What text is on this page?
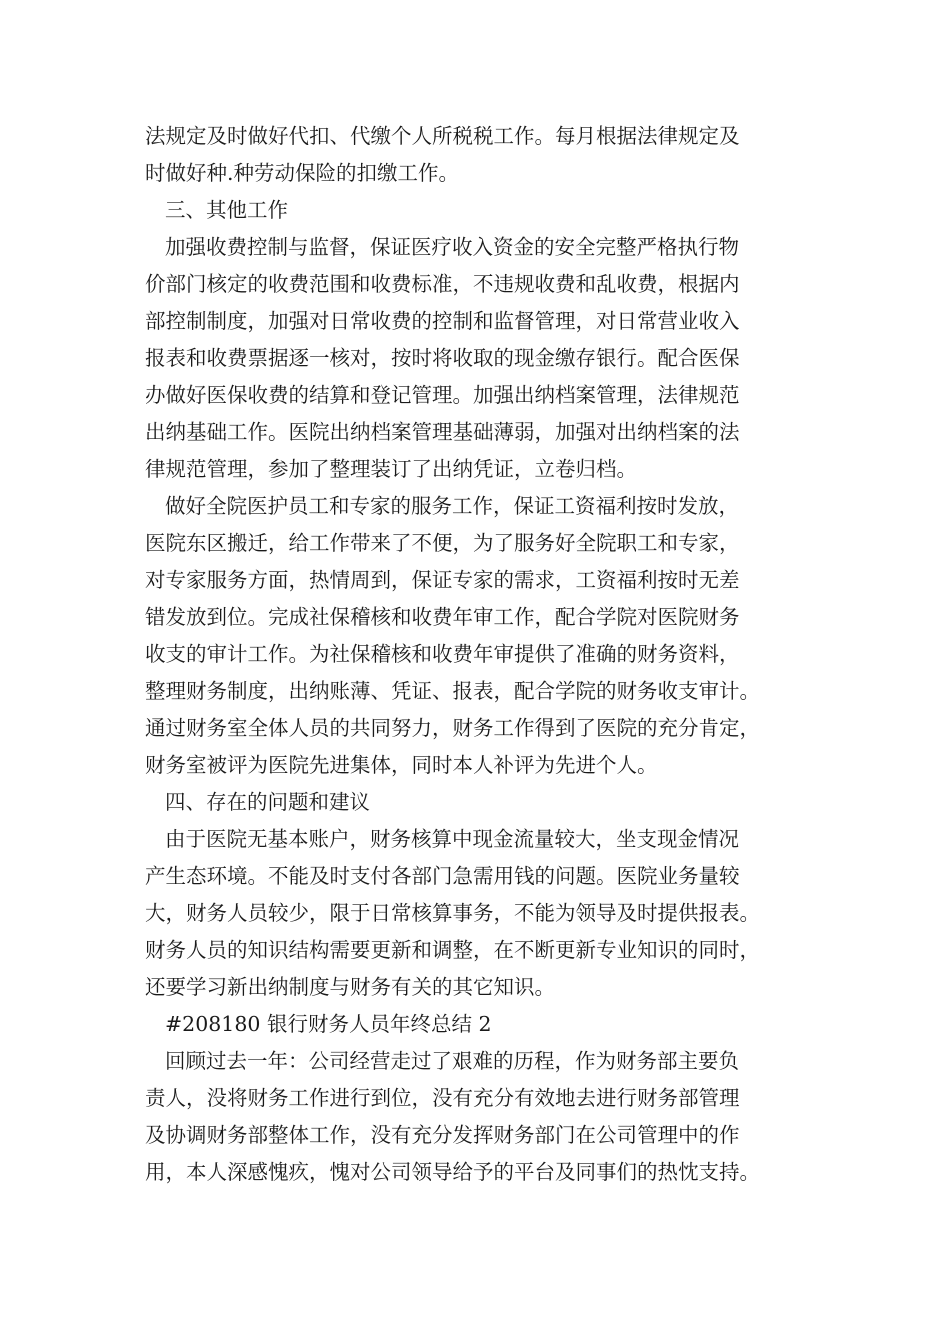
法规定及时做好代扣、代缴个人所税税工作。每月根据法律规定及
时做好种.种劳动保险的扣缴工作。
三、其他工作
加强收费控制与监督，保证医疗收入资金的安全完整严格执行物
价部门核定的收费范围和收费标准，不违规收费和乱收费，根据内
部控制制度，加强对日常收费的控制和监督管理，对日常营业收入
报表和收费票据逐一核对，按时将收取的现金缴存银行。配合医保
办做好医保收费的结算和登记管理。加强出纳档案管理，法律规范
出纳基础工作。医院出纳档案管理基础薄弱，加强对出纳档案的法
律规范管理，参加了整理装订了出纳凭证，立卷归档。
做好全院医护员工和专家的服务工作，保证工资福利按时发放，
医院东区搬迁，给工作带来了不便，为了服务好全院职工和专家，
对专家服务方面，热情周到，保证专家的需求，工资福利按时无差
错发放到位。完成社保稽核和收费年审工作，配合学院对医院财务
收支的审计工作。为社保稽核和收费年审提供了准确的财务资料，
整理财务制度，出纳账薄、凭证、报表，配合学院的财务收支审计。
通过财务室全体人员的共同努力，财务工作得到了医院的充分肯定，
财务室被评为医院先进集体，同时本人补评为先进个人。
四、存在的问题和建议
由于医院无基本账户，财务核算中现金流量较大，坐支现金情况
产生态环境。不能及时支付各部门急需用钱的问题。医院业务量较
大，财务人员较少，限于日常核算事务，不能为领导及时提供报表。
财务人员的知识结构需要更新和调整，在不断更新专业知识的同时，
还要学习新出纳制度与财务有关的其它知识。
#208180 银行财务人员年终总结 2
回顾过去一年：公司经营走过了艰难的历程，作为财务部主要负
责人，没将财务工作进行到位，没有充分有效地去进行财务部管理
及协调财务部整体工作，没有充分发挥财务部门在公司管理中的作
用，本人深感愧疚，愧对公司领导给予的平台及同事们的热忱支持。
